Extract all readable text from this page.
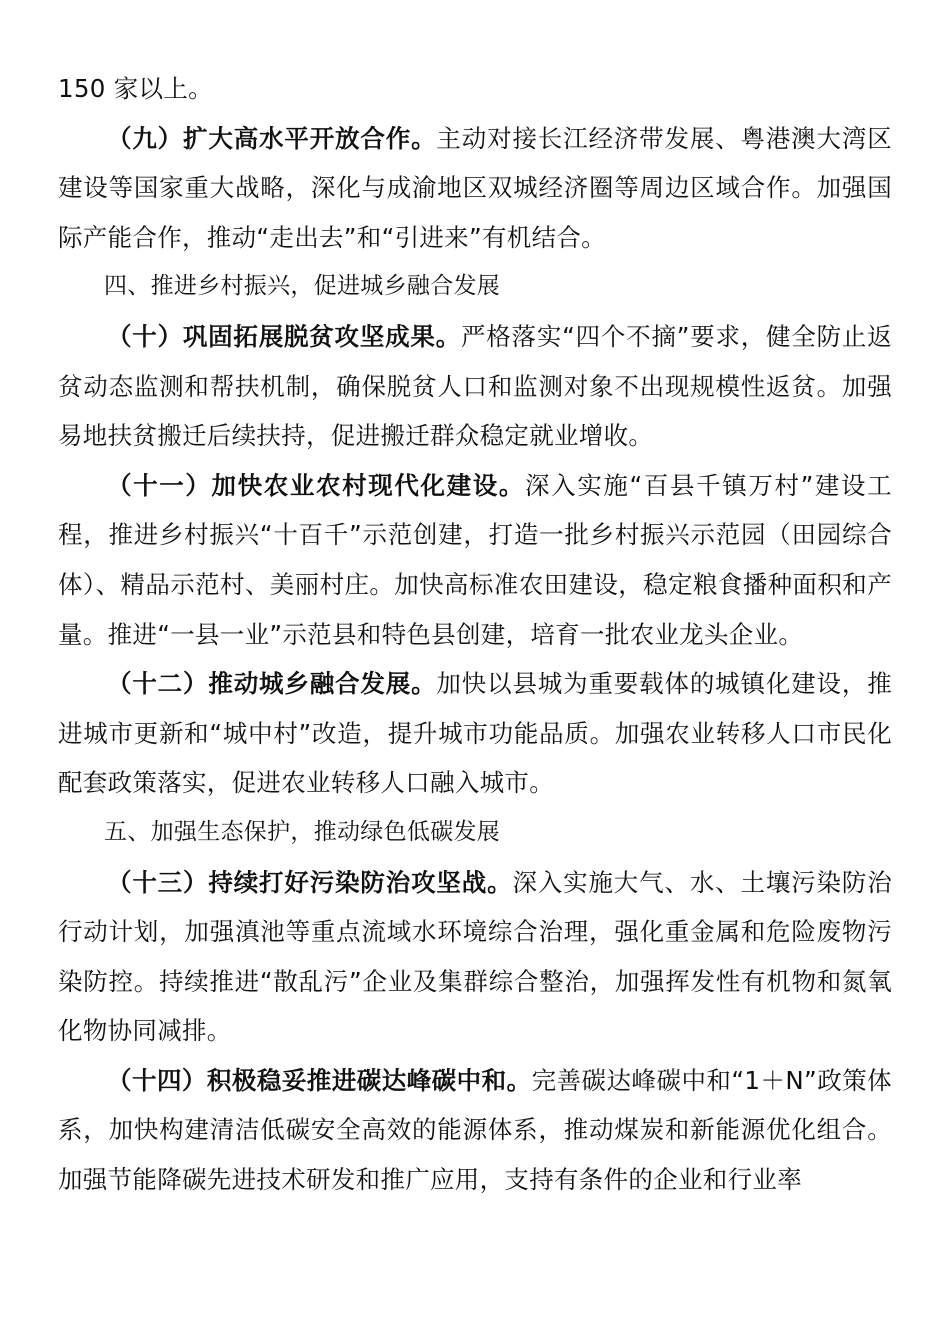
150 家以上。

（九）扩大高水平开放合作。主动对接长江经济带发展、粤港澳大湾区建设等国家重大战略，深化与成渝地区双城经济圈等周边区域合作。加强国际产能合作，推动“走出去”和“引进来”有机结合。

四、推进乡村振兴，促进城乡融合发展

（十）巩固拓展脱贫攻坚成果。严格落实“四个不摘”要求，健全防止返贫动态监测和帮扶机制，确保脱贫人口和监测对象不出现规模性返贫。加强易地扶贫搬迁后续扶持，促进搬迁群众稳定就业增收。

（十一）加快农业农村现代化建设。深入实施“百县千镇万村”建设工程，推进乡村振兴“十百千”示范创建，打造一批乡村振兴示范园（田园综合体）、精品示范村、美丽村庄。加快高标准农田建设，稳定粮食播种面积和产量。推进“一县一业”示范县和特色县创建，培育一批农业龙头企业。

（十二）推动城乡融合发展。加快以县城为重要载体的城镇化建设，推进城市更新和“城中村”改造，提升城市功能品质。加强农业转移人口市民化配套政策落实，促进农业转移人口融入城市。

五、加强生态保护，推动绿色低碳发展

（十三）持续打好污染防治攻坚战。深入实施大气、水、土壤污染防治行动计划，加强滇池等重点流域水环境综合治理，强化重金属和危险废物污染防控。持续推进“散乱污”企业及集群综合整治，加强挥发性有机物和氮氧化物协同减排。

（十四）积极稳妥推进碳达峰碳中和。完善碳达峰碳中和“1＋N”政策体系，加快构建清洁低碳安全高效的能源体系，推动煤炭和新能源优化组合。加强节能降碳先进技术研发和推广应用，支持有条件的企业和行业率
